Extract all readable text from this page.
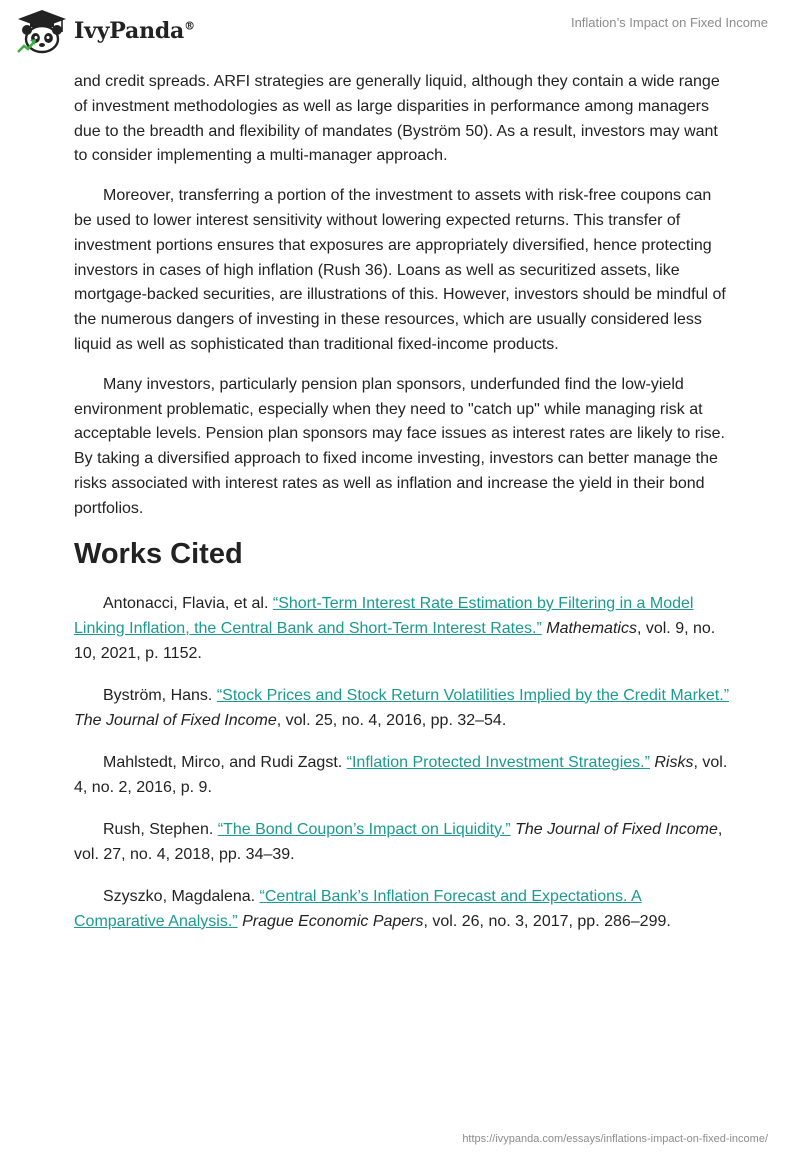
IvyPanda®	Inflation’s Impact on Fixed Income

and credit spreads. ARFI strategies are generally liquid, although they contain a wide range of investment methodologies as well as large disparities in performance among managers due to the breadth and flexibility of mandates (Byström 50). As a result, investors may want to consider implementing a multi-manager approach.

Moreover, transferring a portion of the investment to assets with risk-free coupons can be used to lower interest sensitivity without lowering expected returns. This transfer of investment portions ensures that exposures are appropriately diversified, hence protecting investors in cases of high inflation (Rush 36). Loans as well as securitized assets, like mortgage-backed securities, are illustrations of this. However, investors should be mindful of the numerous dangers of investing in these resources, which are usually considered less liquid as well as sophisticated than traditional fixed-income products.

Many investors, particularly pension plan sponsors, underfunded find the low-yield environment problematic, especially when they need to "catch up" while managing risk at acceptable levels. Pension plan sponsors may face issues as interest rates are likely to rise. By taking a diversified approach to fixed income investing, investors can better manage the risks associated with interest rates as well as inflation and increase the yield in their bond portfolios.

Works Cited

Antonacci, Flavia, et al. “Short-Term Interest Rate Estimation by Filtering in a Model Linking Inflation, the Central Bank and Short-Term Interest Rates.” Mathematics, vol. 9, no. 10, 2021, p. 1152.

Byström, Hans. “Stock Prices and Stock Return Volatilities Implied by the Credit Market.” The Journal of Fixed Income, vol. 25, no. 4, 2016, pp. 32–54.

Mahlstedt, Mirco, and Rudi Zagst. “Inflation Protected Investment Strategies.” Risks, vol. 4, no. 2, 2016, p. 9.

Rush, Stephen. “The Bond Coupon’s Impact on Liquidity.” The Journal of Fixed Income, vol. 27, no. 4, 2018, pp. 34–39.

Szyszko, Magdalena. “Central Bank’s Inflation Forecast and Expectations. A Comparative Analysis.” Prague Economic Papers, vol. 26, no. 3, 2017, pp. 286–299.

https://ivypanda.com/essays/inflations-impact-on-fixed-income/
